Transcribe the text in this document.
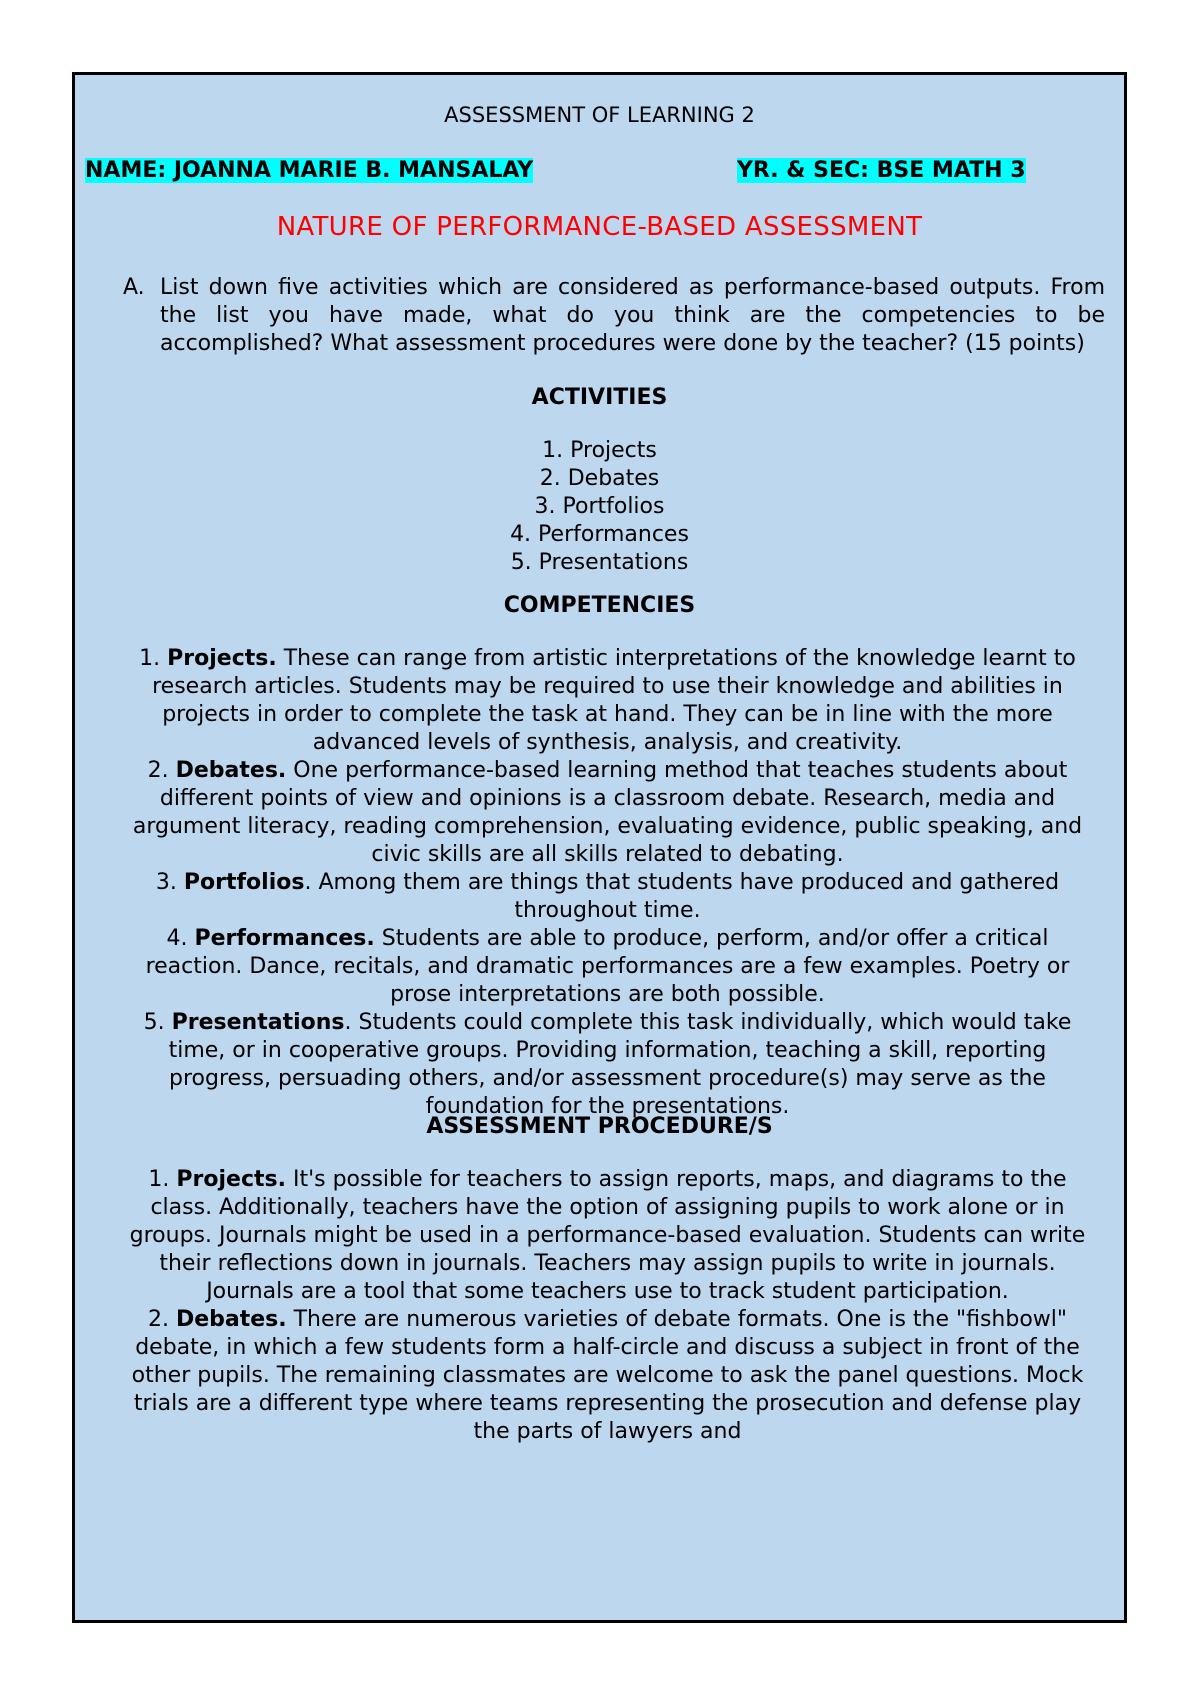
ASSESSMENT OF LEARNING 2
NAME: JOANNA MARIE B. MANSALAY	YR. & SEC: BSE MATH 3
NATURE OF PERFORMANCE-BASED ASSESSMENT
A. List down five activities which are considered as performance-based outputs. From the list you have made, what do you think are the competencies to be accomplished? What assessment procedures were done by the teacher? (15 points)
ACTIVITIES
1. Projects
2. Debates
3. Portfolios
4. Performances
5. Presentations
COMPETENCIES

1. Projects. These can range from artistic interpretations of the knowledge learnt to research articles. Students may be required to use their knowledge and abilities in projects in order to complete the task at hand. They can be in line with the more advanced levels of synthesis, analysis, and creativity.

2. Debates. One performance-based learning method that teaches students about different points of view and opinions is a classroom debate. Research, media and argument literacy, reading comprehension, evaluating evidence, public speaking, and civic skills are all skills related to debating.

3. Portfolios. Among them are things that students have produced and gathered throughout time.

4. Performances. Students are able to produce, perform, and/or offer a critical reaction. Dance, recitals, and dramatic performances are a few examples. Poetry or prose interpretations are both possible.

5. Presentations. Students could complete this task individually, which would take time, or in cooperative groups. Providing information, teaching a skill, reporting progress, persuading others, and/or assessment procedure(s) may serve as the foundation for the presentations.

ASSESSMENT PROCEDURE/S

1. Projects. It's possible for teachers to assign reports, maps, and diagrams to the class. Additionally, teachers have the option of assigning pupils to work alone or in groups. Journals might be used in a performance-based evaluation. Students can write their reflections down in journals. Teachers may assign pupils to write in journals. Journals are a tool that some teachers use to track student participation.

2. Debates. There are numerous varieties of debate formats. One is the "fishbowl" debate, in which a few students form a half-circle and discuss a subject in front of the other pupils. The remaining classmates are welcome to ask the panel questions. Mock trials are a different type where teams representing the prosecution and defense play the parts of lawyers and
